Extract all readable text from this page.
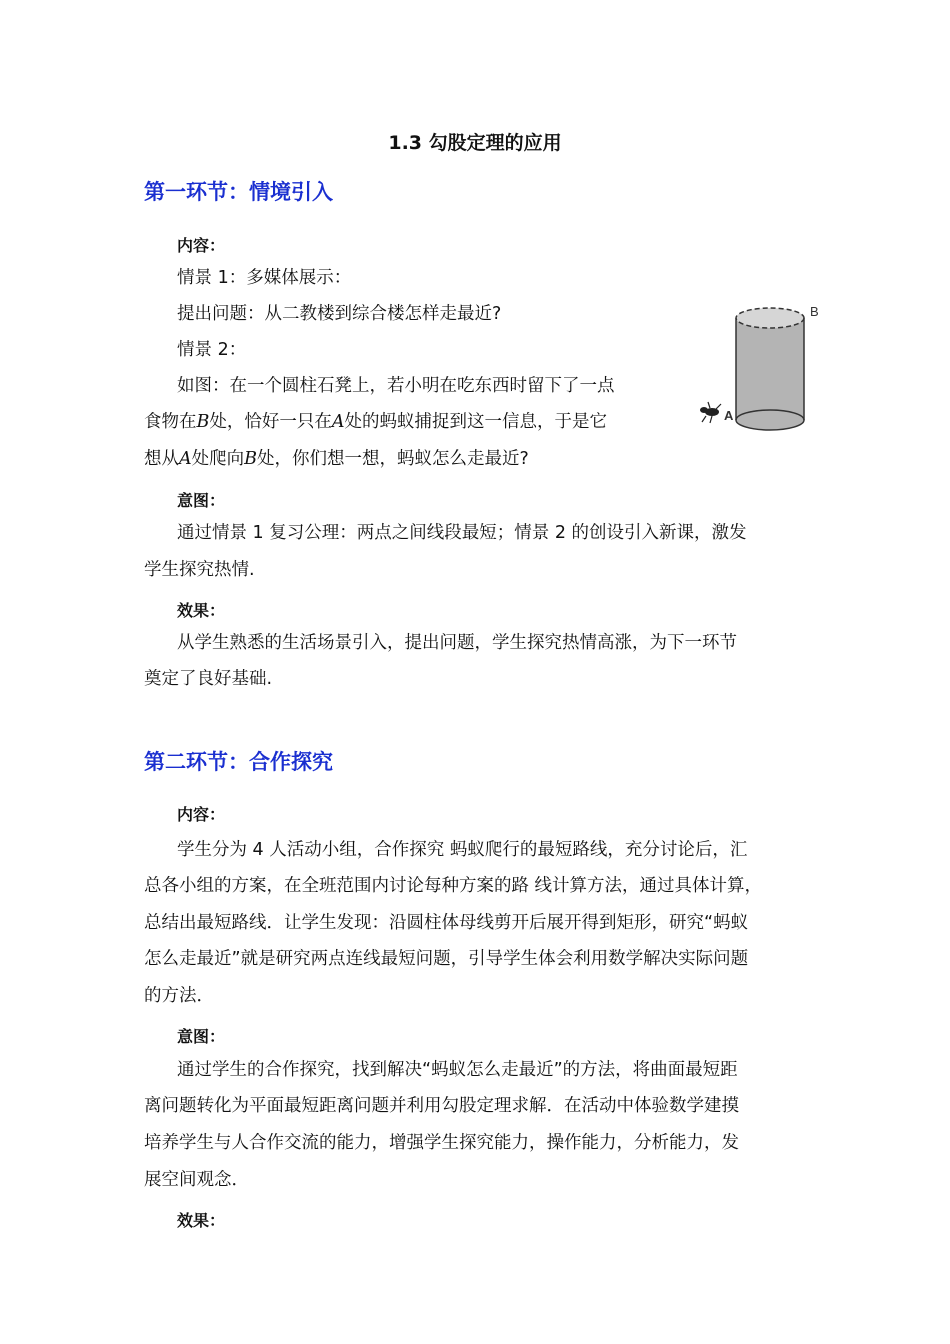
1.3 勾股定理的应用
第一环节：情境引入
内容：
情景 1：多媒体展示：
提出问题：从二教楼到综合楼怎样走最近?
情景 2：
如图：在一个圆柱石凳上，若小明在吃东西时留下了一点
食物在B处，恰好一只在A处的蚂蚁捕捉到这一信息，于是它
想从A处爬向B处，你们想一想，蚂蚁怎么走最近?
B
A
意图：
通过情景 1 复习公理：两点之间线段最短；情景 2 的创设引入新课，激发
学生探究热情.
效果：
从学生熟悉的生活场景引入，提出问题，学生探究热情高涨，为下一环节
奠定了良好基础.
第二环节：合作探究
内容：
学生分为 4 人活动小组，合作探究 蚂蚁爬行的最短路线，充分讨论后，汇
总各小组的方案，在全班范围内讨论每种方案的路 线计算方法，通过具体计算，
总结出最短路线．让学生发现：沿圆柱体母线剪开后展开得到矩形，研究“蚂蚁
怎么走最近”就是研究两点连线最短问题，引导学生体会利用数学解决实际问题
的方法．
意图：
通过学生的合作探究，找到解决“蚂蚁怎么走最近”的方法，将曲面最短距
离问题转化为平面最短距离问题并利用勾股定理求解．在活动中体验数学建摸
培养学生与人合作交流的能力，增强学生探究能力，操作能力，分析能力，发
展空间观念．
效果：
